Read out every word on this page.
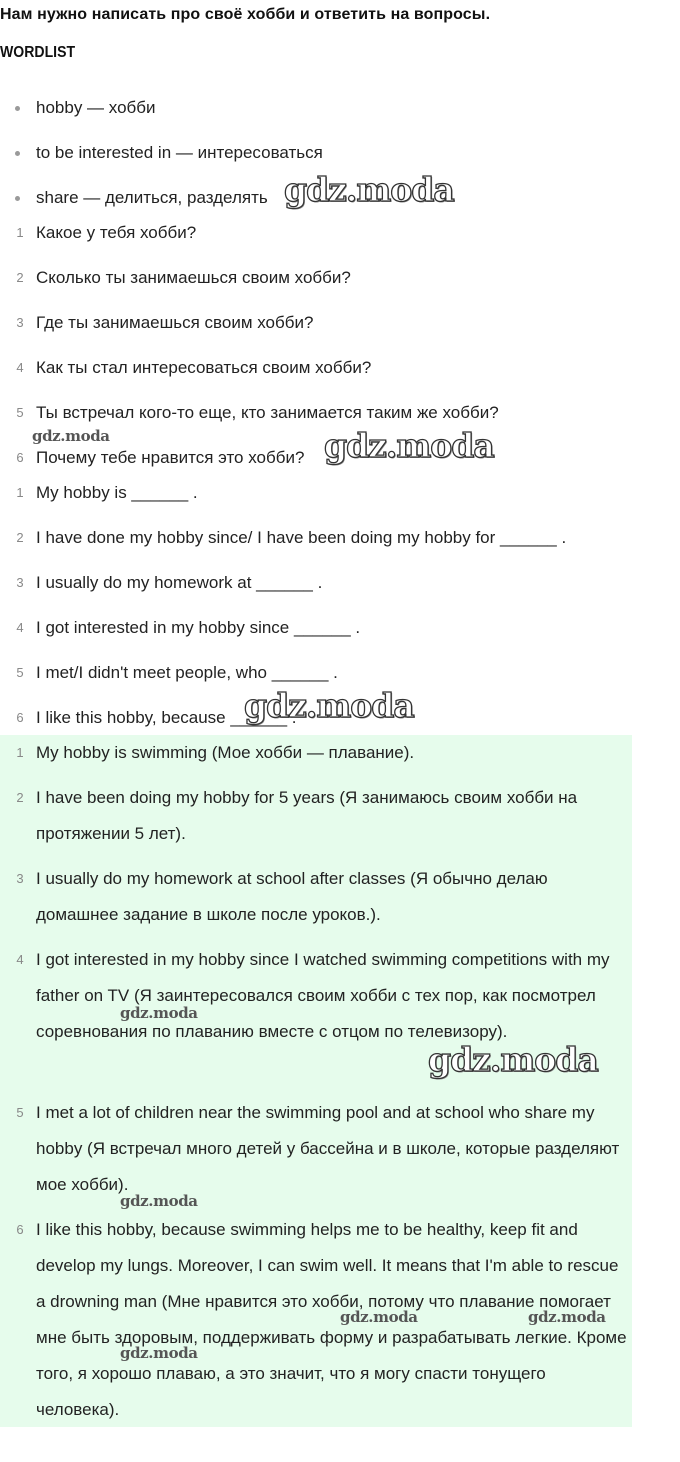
Нам нужно написать про своё хобби и ответить на вопросы.
WORDLIST
hobby — хобби
to be interested in — интересоваться
share — делиться, разделять
1 Какое у тебя хобби?
2 Сколько ты занимаешься своим хобби?
3 Где ты занимаешься своим хобби?
4 Как ты стал интересоваться своим хобби?
5 Ты встречал кого-то еще, кто занимается таким же хобби?
6 Почему тебе нравится это хобби?
1 My hobby is ______ .
2 I have done my hobby since/ I have been doing my hobby for ______ .
3 I usually do my homework at ______ .
4 I got interested in my hobby since ______ .
5 I met/I didn't meet people, who ______ .
6 I like this hobby, because ______ .
1 My hobby is swimming (Мое хобби — плавание).
2 I have been doing my hobby for 5 years (Я занимаюсь своим хобби на протяжении 5 лет).
3 I usually do my homework at school after classes (Я обычно делаю домашнее задание в школе после уроков.).
4 I got interested in my hobby since I watched swimming competitions with my father on TV (Я заинтересовался своим хобби с тех пор, как посмотрел соревнования по плаванию вместе с отцом по телевизору).
5 I met a lot of children near the swimming pool and at school who share my hobby (Я встречал много детей у бассейна и в школе, которые разделяют мое хобби).
6 I like this hobby, because swimming helps me to be healthy, keep fit and develop my lungs. Moreover, I can swim well. It means that I'm able to rescue a drowning man (Мне нравится это хобби, потому что плавание помогает мне быть здоровым, поддерживать форму и разрабатывать легкие. Кроме того, я хорошо плаваю, а это значит, что я могу спасти тонущего человека).
gdz.moda
gdz.moda	gdz.moda
gdz.moda
gdz.moda
gdz.moda
gdz.moda
gdz.moda	gdz.moda
gdz.moda
